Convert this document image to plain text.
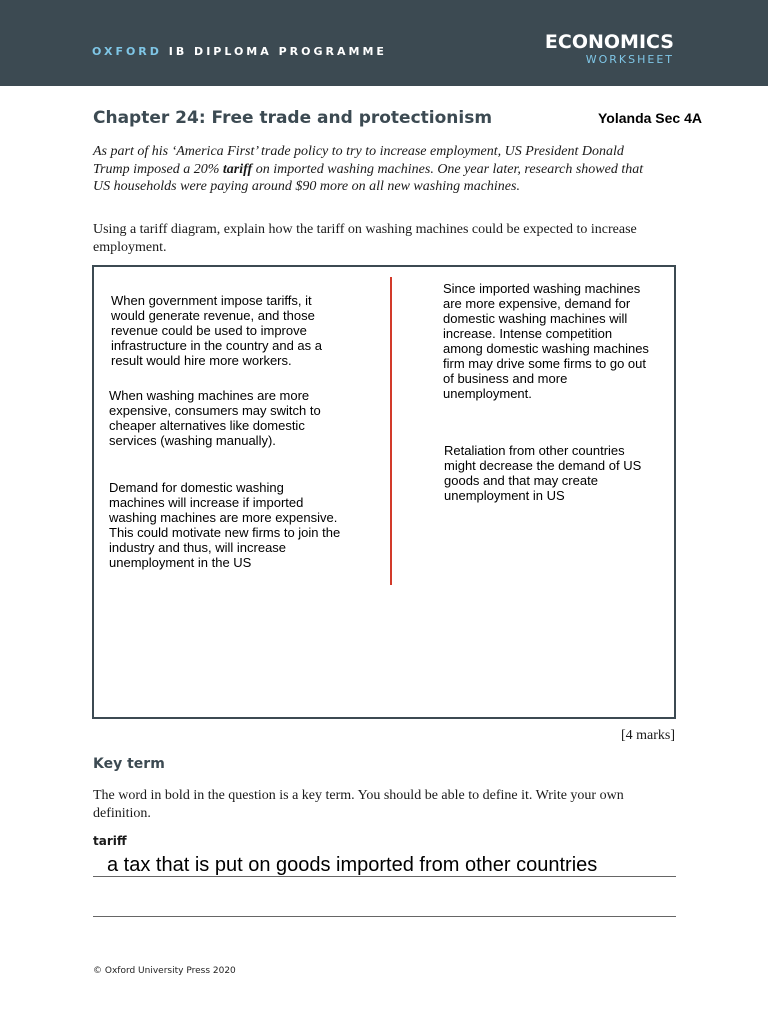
OXFORD IB DIPLOMA PROGRAMME	ECONOMICS
WORKSHEET
Chapter 24: Free trade and protectionism	Yolanda Sec 4A
As part of his ‘America First’ trade policy to try to increase employment, US President Donald Trump imposed a 20% tariff on imported washing machines. One year later, research showed that US households were paying around $90 more on all new washing machines.
Using a tariff diagram, explain how the tariff on washing machines could be expected to increase employment.
When government impose tariffs, it would generate revenue, and those revenue could be used to improve infrastructure in the country and as a result would hire more workers.
When washing machines are more expensive, consumers may switch to cheaper alternatives like domestic services (washing manually).
Demand for domestic washing machines will increase if imported washing machines are more expensive. This could motivate new firms to join the industry and thus, will increase unemployment in the US
Since imported washing machines are more expensive, demand for domestic washing machines will increase. Intense competition among domestic washing machines firm may drive some firms to go out of business and more unemployment.
Retaliation from other countries might decrease the demand of US goods and that may create unemployment in US
[4 marks]
Key term
The word in bold in the question is a key term. You should be able to define it. Write your own definition.
tariff
a tax that is put on goods imported from other countries
© Oxford University Press 2020
